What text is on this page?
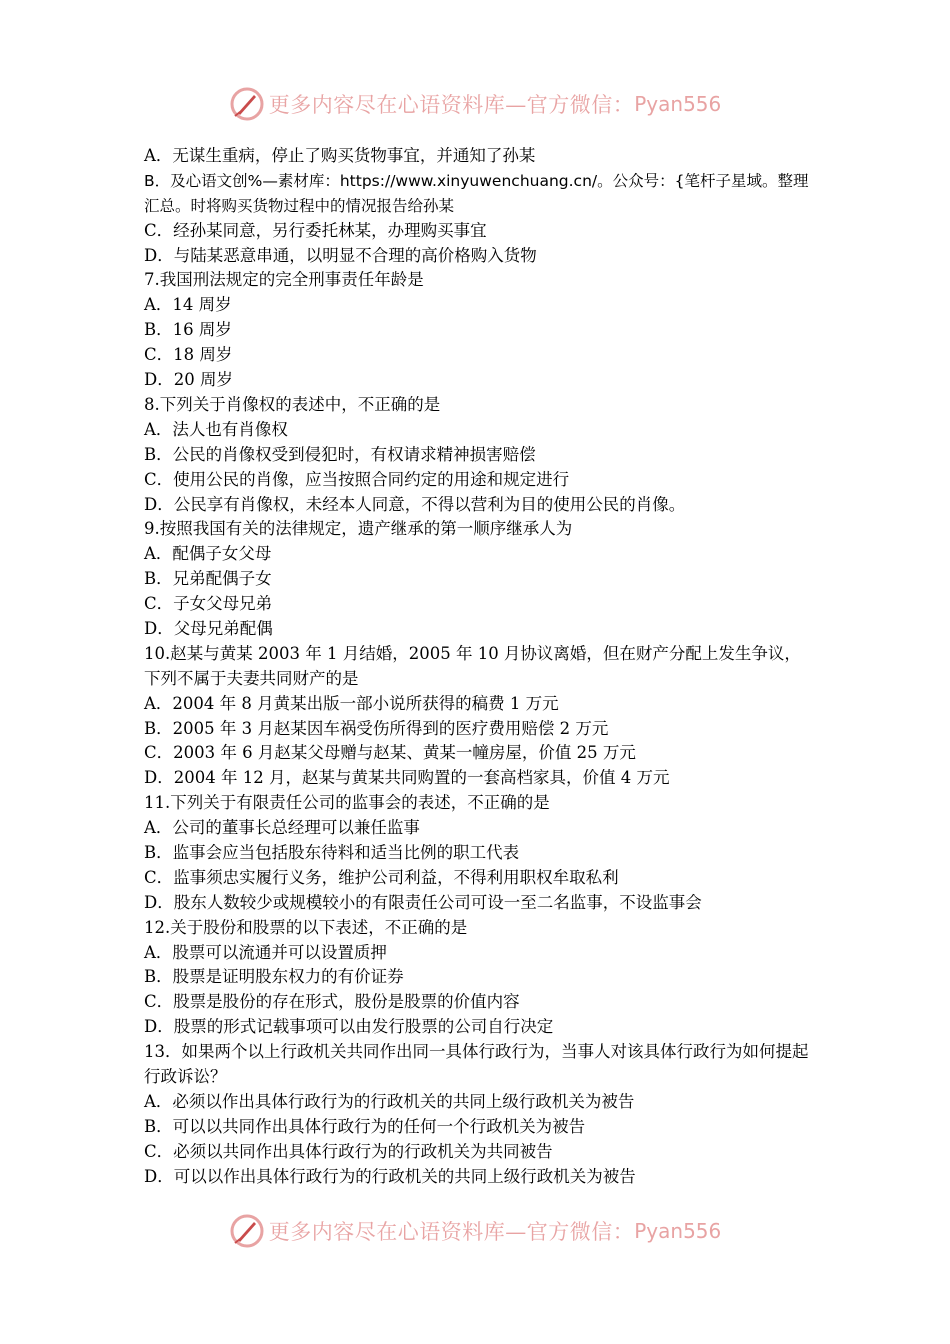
更多内容尽在心语资料库—官方微信： Pyan556
A．无谋生重病，停止了购买货物事宜，并通知了孙某
B．及心语文创%—素材库：https://www.xinyuwenchuang.cn/。公众号：{笔杆子星域。整理汇总。时将购买货物过程中的情况报告给孙某
C．经孙某同意，另行委托林某，办理购买事宜
D．与陆某恶意串通，以明显不合理的高价格购入货物
7.我国刑法规定的完全刑事责任年龄是
A．14 周岁
B．16 周岁
C．18 周岁
D．20 周岁
8.下列关于肖像权的表述中，不正确的是
A．法人也有肖像权
B．公民的肖像权受到侵犯时，有权请求精神损害赔偿
C．使用公民的肖像，应当按照合同约定的用途和规定进行
D．公民享有肖像权，未经本人同意，不得以营利为目的使用公民的肖像。
9.按照我国有关的法律规定，遗产继承的第一顺序继承人为
A．配偶子女父母
B．兄弟配偶子女
C．子女父母兄弟
D．父母兄弟配偶
10.赵某与黄某 2003 年 1 月结婚，2005 年 10 月协议离婚，但在财产分配上发生争议，下列不属于夫妻共同财产的是
A．2004 年 8 月黄某出版一部小说所获得的稿费 1 万元
B．2005 年 3 月赵某因车祸受伤所得到的医疗费用赔偿 2 万元
C．2003 年 6 月赵某父母赠与赵某、黄某一幢房屋，价值 25 万元
D．2004 年 12 月，赵某与黄某共同购置的一套高档家具，价值 4 万元
11.下列关于有限责任公司的监事会的表述，不正确的是
A．公司的董事长总经理可以兼任监事
B．监事会应当包括股东待料和适当比例的职工代表
C．监事须忠实履行义务，维护公司利益，不得利用职权牟取私利
D．股东人数较少或规模较小的有限责任公司可设一至二名监事，不设监事会
12.关于股份和股票的以下表述，不正确的是
A．股票可以流通并可以设置质押
B．股票是证明股东权力的有价证券
C．股票是股份的存在形式，股份是股票的价值内容
D．股票的形式记载事项可以由发行股票的公司自行决定
13．如果两个以上行政机关共同作出同一具体行政行为，当事人对该具体行政行为如何提起行政诉讼？
A．必须以作出具体行政行为的行政机关的共同上级行政机关为被告
B．可以以共同作出具体行政行为的任何一个行政机关为被告
C．必须以共同作出具体行政行为的行政机关为共同被告
D．可以以作出具体行政行为的行政机关的共同上级行政机关为被告
更多内容尽在心语资料库—官方微信： Pyan556
